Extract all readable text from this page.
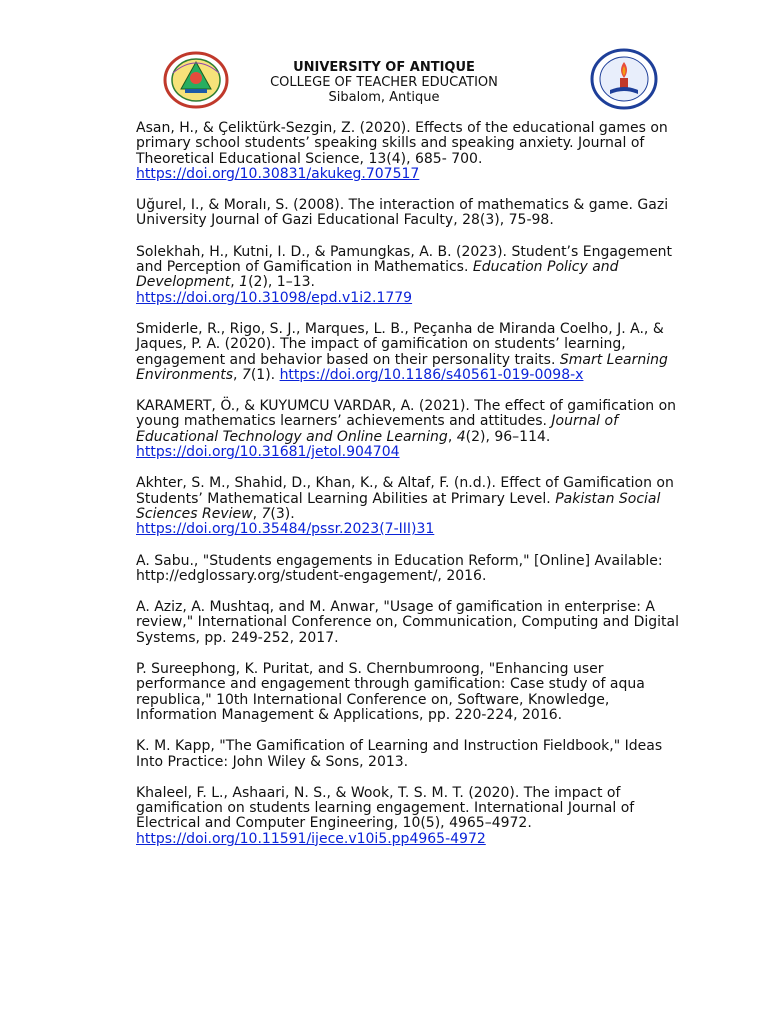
UNIVERSITY OF ANTIQUE
COLLEGE OF TEACHER EDUCATION
Sibalom, Antique

Asan, H., & Çeliktürk-Sezgin, Z. (2020). Effects of the educational games on primary school students’ speaking skills and speaking anxiety. Journal of Theoretical Educational Science, 13(4), 685- 700.
https://doi.org/10.30831/akukeg.707517

Uğurel, I., & Moralı, S. (2008). The interaction of mathematics & game. Gazi University Journal of Gazi Educational Faculty, 28(3), 75-98.

Solekhah, H., Kutni, I. D., & Pamungkas, A. B. (2023). Student’s Engagement and Perception of Gamification in Mathematics. Education Policy and Development, 1(2), 1–13.
https://doi.org/10.31098/epd.v1i2.1779

Smiderle, R., Rigo, S. J., Marques, L. B., Peçanha de Miranda Coelho, J. A., & Jaques, P. A. (2020). The impact of gamification on students’ learning, engagement and behavior based on their personality traits. Smart Learning Environments, 7(1). https://doi.org/10.1186/s40561-019-0098-x

KARAMERT, Ö., & KUYUMCU VARDAR, A. (2021). The effect of gamification on young mathematics learners’ achievements and attitudes. Journal of Educational Technology and Online Learning, 4(2), 96–114. https://doi.org/10.31681/jetol.904704

Akhter, S. M., Shahid, D., Khan, K., & Altaf, F. (n.d.). Effect of Gamification on Students’ Mathematical Learning Abilities at Primary Level. Pakistan Social Sciences Review, 7(3).
https://doi.org/10.35484/pssr.2023(7-III)31

A. Sabu., "Students engagements in Education Reform," [Online] Available: http://edglossary.org/student-engagement/, 2016.

A. Aziz, A. Mushtaq, and M. Anwar, "Usage of gamification in enterprise: A review," International Conference on, Communication, Computing and Digital Systems, pp. 249-252, 2017.

P. Sureephong, K. Puritat, and S. Chernbumroong, "Enhancing user performance and engagement through gamification: Case study of aqua republica," 10th International Conference on, Software, Knowledge, Information Management & Applications, pp. 220-224, 2016.

K. M. Kapp, "The Gamification of Learning and Instruction Fieldbook," Ideas Into Practice: John Wiley & Sons, 2013.

Khaleel, F. L., Ashaari, N. S., & Wook, T. S. M. T. (2020). The impact of gamification on students learning engagement. International Journal of Electrical and Computer Engineering, 10(5), 4965–4972.
https://doi.org/10.11591/ijece.v10i5.pp4965-4972
